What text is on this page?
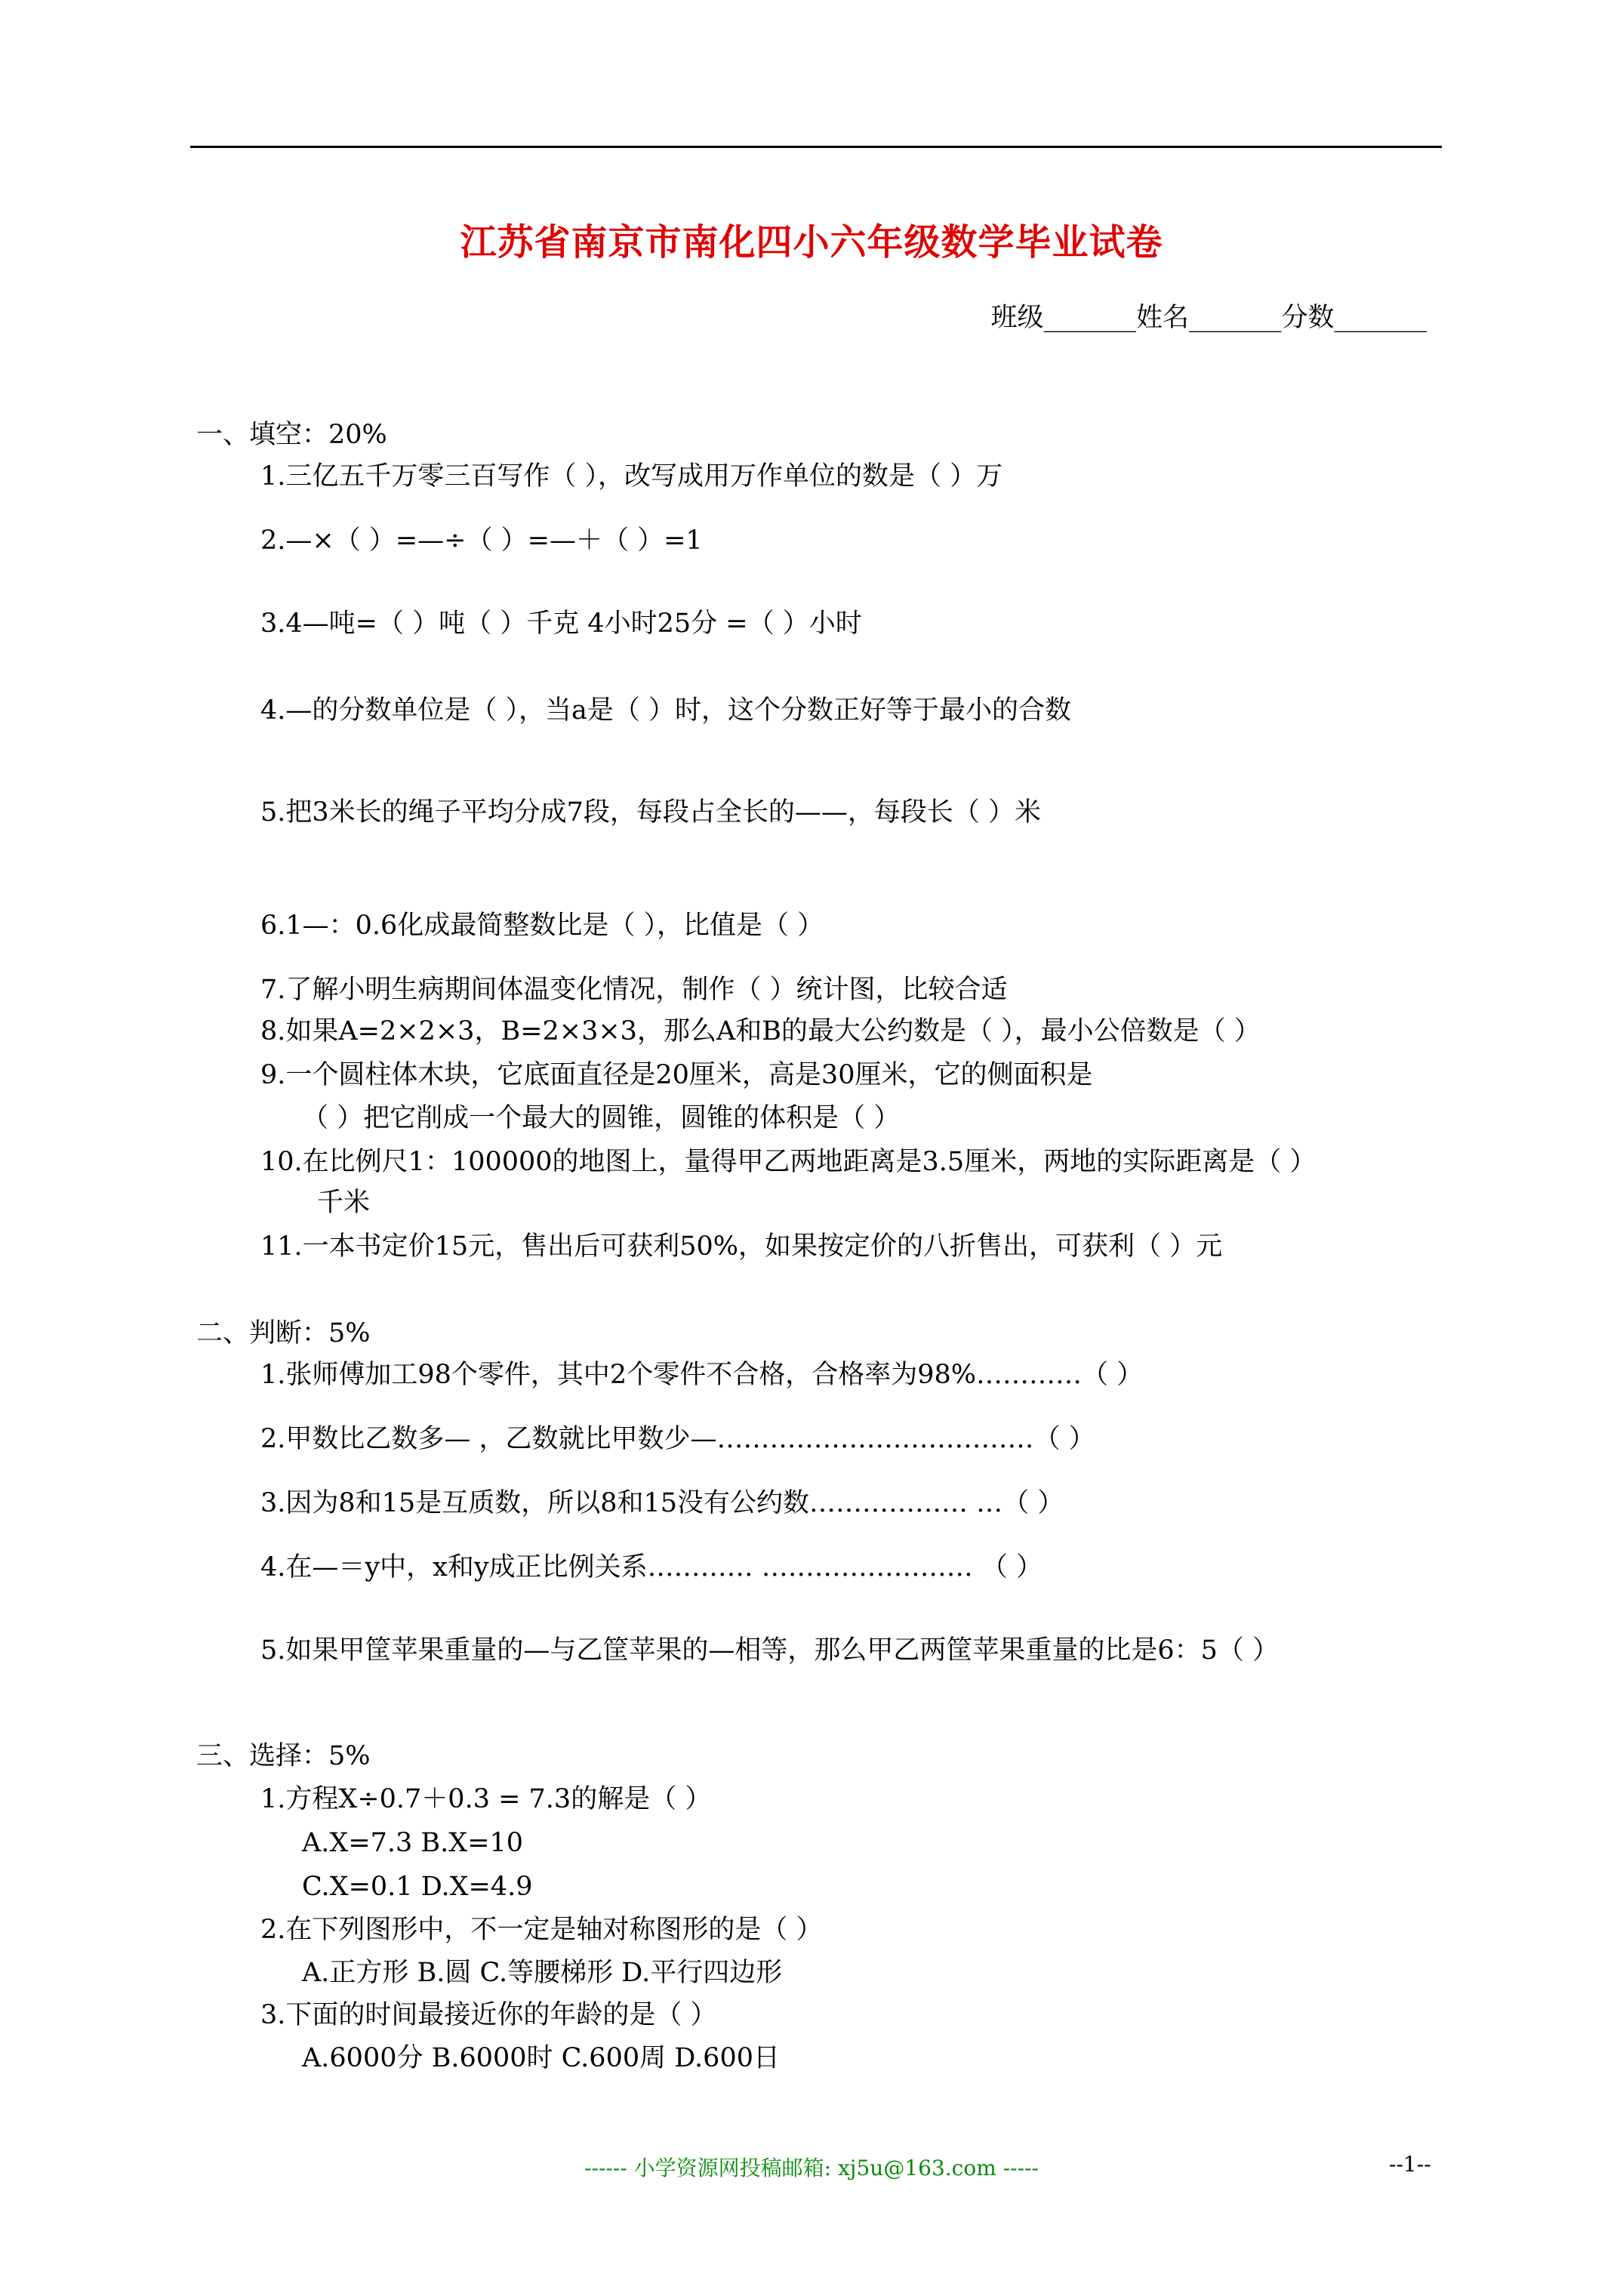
江苏省南京市南化四小六年级数学毕业试卷
班级_______姓名_______分数_______
一、填空：20%
1.三亿五千万零三百写作（ ），改写成用万作单位的数是（ ）万
2.—×（ ）=—÷（ ）=—＋（ ）=1
3.4—吨=（ ）吨（ ）千克 4小时25分 =（ ）小时
4.—的分数单位是（ ），当a是（ ）时，这个分数正好等于最小的合数
5.把3米长的绳子平均分成7段，每段占全长的——，每段长（ ）米
6.1—：0.6化成最简整数比是（ ），比值是（ ）
7.了解小明生病期间体温变化情况，制作（ ）统计图，比较合适
8.如果A=2×2×3，B=2×3×3，那么A和B的最大公约数是（ ），最小公倍数是（ ）
9.一个圆柱体木块，它底面直径是20厘米，高是30厘米，它的侧面积是
（ ）把它削成一个最大的圆锥，圆锥的体积是（ ）
10.在比例尺1：100000的地图上，量得甲乙两地距离是3.5厘米，两地的实际距离是（ ）
千米
11.一本书定价15元，售出后可获利50%，如果按定价的八折售出，可获利（ ）元
二、判断：5%
1.张师傅加工98个零件，其中2个零件不合格，合格率为98%…………（ ）
2.甲数比乙数多— ，乙数就比甲数少—………………………………（ ）
3.因为8和15是互质数，所以8和15没有公约数……………… …（ ）
4.在—＝y中，x和y成正比例关系………… …………………… （ ）
5.如果甲筐苹果重量的—与乙筐苹果的—相等，那么甲乙两筐苹果重量的比是6：5（ ）
三、选择：5%
1.方程X÷0.7＋0.3 = 7.3的解是（ ）
A.X=7.3 B.X=10
C.X=0.1 D.X=4.9
2.在下列图形中，不一定是轴对称图形的是（ ）
A.正方形 B.圆 C.等腰梯形 D.平行四边形
3.下面的时间最接近你的年龄的是（ ）
A.6000分 B.6000时 C.600周 D.600日
------ 小学资源网投稿邮箱: xj5u@163.com -----	--1--
